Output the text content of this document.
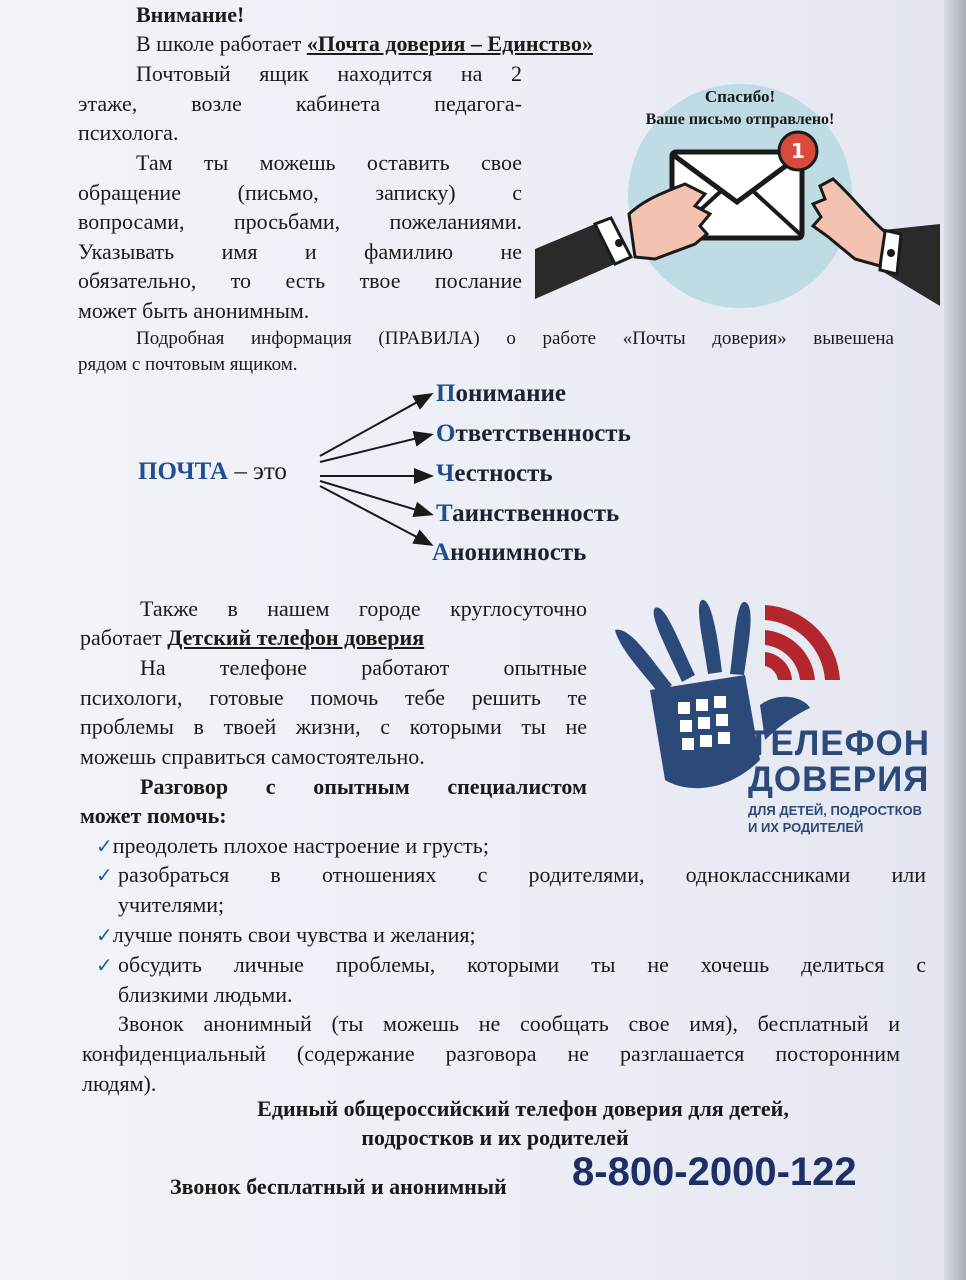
Внимание!
В школе работает «Почта доверия – Единство»
Почтовый ящик находится на 2
этаже, возле кабинета педагога-
психолога.
Там ты можешь оставить свое
обращение (письмо, записку) с
вопросами, просьбами, пожеланиями.
Указывать имя и фамилию не
обязательно, то есть твое послание
может быть анонимным.
Спасибо!
Ваше письмо отправлено!
1
Подробная информация (ПРАВИЛА) о работе «Почты доверия» вывешена
рядом с почтовым ящиком.
ПОЧТА – это
Понимание
Ответственность
Честность
Таинственность
Анонимность
Также в нашем городе круглосуточно
работает Детский телефон доверия
На телефоне работают опытные
психологи, готовые помочь тебе решить те
проблемы в твоей жизни, с которыми ты не
можешь справиться самостоятельно.
Разговор с опытным специалистом
может помочь:
ТЕЛЕФОН
ДОВЕРИЯ
ДЛЯ ДЕТЕЙ, ПОДРОСТКОВ
И ИХ РОДИТЕЛЕЙ
✓преодолеть плохое настроение и грусть;
✓ разобраться в отношениях с родителями, одноклассниками или
учителями;
✓лучше понять свои чувства и желания;
✓ обсудить личные проблемы, которыми ты не хочешь делиться с
близкими людьми.
Звонок анонимный (ты можешь не сообщать свое имя), бесплатный и
конфиденциальный (содержание разговора не разглашается посторонним
людям).
Единый общероссийский телефон доверия для детей,
подростков и их родителей
Звонок бесплатный и анонимный 8-800-2000-122
